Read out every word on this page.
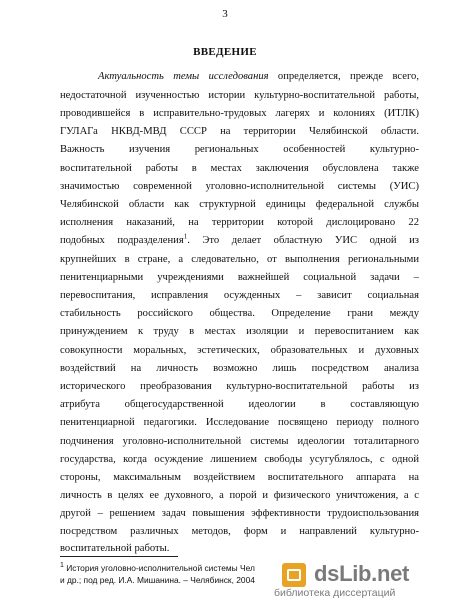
3
ВВЕДЕНИЕ
Актуальность темы исследования определяется, прежде всего,
недостаточной изученностью истории культурно-воспитательной работы,
проводившейся в исправительно-трудовых лагерях и колониях (ИТЛК)
ГУЛАГа НКВД-МВД СССР на территории Челябинской области.
Важность изучения региональных особенностей культурно-
воспитательной работы в местах заключения обусловлена также
значимостью современной уголовно-исполнительной системы (УИС)
Челябинской области как структурной единицы федеральной службы
исполнения наказаний, на территории которой дислоцировано 22
подобных подразделения$^1$. Это делает областную УИС одной из
крупнейших в стране, а следовательно, от выполнения региональными
пенитенциарными учреждениями важнейшей социальной задачи –
перевоспитания, исправления осужденных – зависит социальная
стабильность российского общества. Определение грани между
принуждением к труду в местах изоляции и перевоспитанием как
совокупности моральных, эстетических, образовательных и духовных
воздействий на личность возможно лишь посредством анализа
исторического преобразования культурно-воспитательной работы из
атрибута общегосударственной идеологии в составляющую
пенитенциарной педагогики. Исследование посвящено периоду полного
подчинения уголовно-исполнительной системы идеологии тоталитарного
государства, когда осуждение лишением свободы усугублялось, с одной
стороны, максимальным воздействием воспитательного аппарата на
личность в целях ее духовного, а порой и физического уничтожения, а с
другой – решением задач повышения эффективности трудоиспользования
посредством различных методов, форм и направлений культурно-
воспитательной работы.
$^1$ История уголовно-исполнительной системы Чел
и др.; под ред. И.А. Мишанина. – Челябинск, 2004	dsLib.net
библиотека диссертаций
